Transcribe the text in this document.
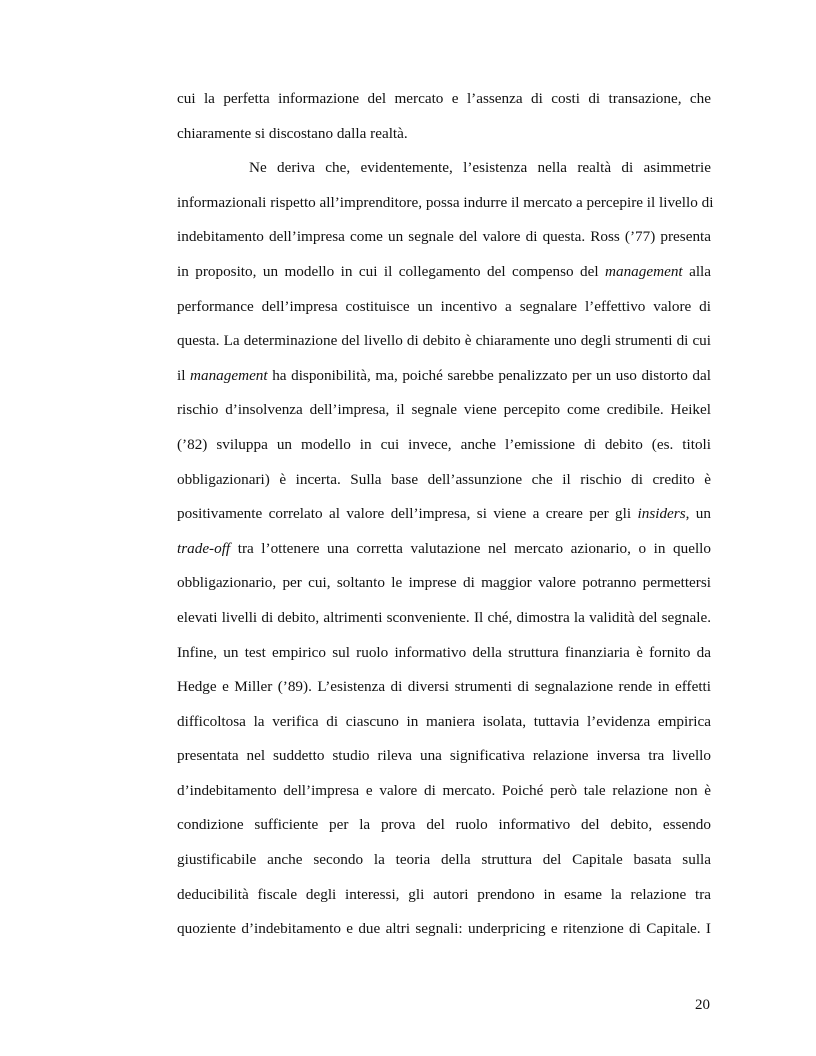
cui la perfetta informazione del mercato e l’assenza di costi di transazione, che
chiaramente si discostano dalla realtà.
Ne deriva che, evidentemente, l’esistenza nella realtà di asimmetrie
informazionali rispetto all’imprenditore, possa indurre il mercato a percepire il livello di
indebitamento dell’impresa come un segnale del valore di questa. Ross (’77) presenta
in proposito, un modello in cui il collegamento del compenso del management alla
performance dell’impresa costituisce un incentivo a segnalare l’effettivo valore di
questa. La determinazione del livello di debito è chiaramente uno degli strumenti di cui
il management ha disponibilità, ma, poiché sarebbe penalizzato per un uso distorto dal
rischio d’insolvenza dell’impresa, il segnale viene percepito come credibile. Heikel
(’82) sviluppa un modello in cui invece, anche l’emissione di debito (es. titoli
obbligazionari) è incerta. Sulla base dell’assunzione che il rischio di credito è
positivamente correlato al valore dell’impresa, si viene a creare per gli insiders, un
trade-off tra l’ottenere una corretta valutazione nel mercato azionario, o in quello
obbligazionario, per cui, soltanto le imprese di maggior valore potranno permettersi
elevati livelli di debito, altrimenti sconveniente. Il ché, dimostra la validità del segnale.
Infine, un test empirico sul ruolo informativo della struttura finanziaria è fornito da
Hedge e Miller (’89). L’esistenza di diversi strumenti di segnalazione rende in effetti
difficoltosa la verifica di ciascuno in maniera isolata, tuttavia l’evidenza empirica
presentata nel suddetto studio rileva una significativa relazione inversa tra livello
d’indebitamento dell’impresa e valore di mercato. Poiché però tale relazione non è
condizione sufficiente per la prova del ruolo informativo del debito, essendo
giustificabile anche secondo la teoria della struttura del Capitale basata sulla
deducibilità fiscale degli interessi, gli autori prendono in esame la relazione tra
quoziente d’indebitamento e due altri segnali: underpricing e ritenzione di Capitale. I
20
